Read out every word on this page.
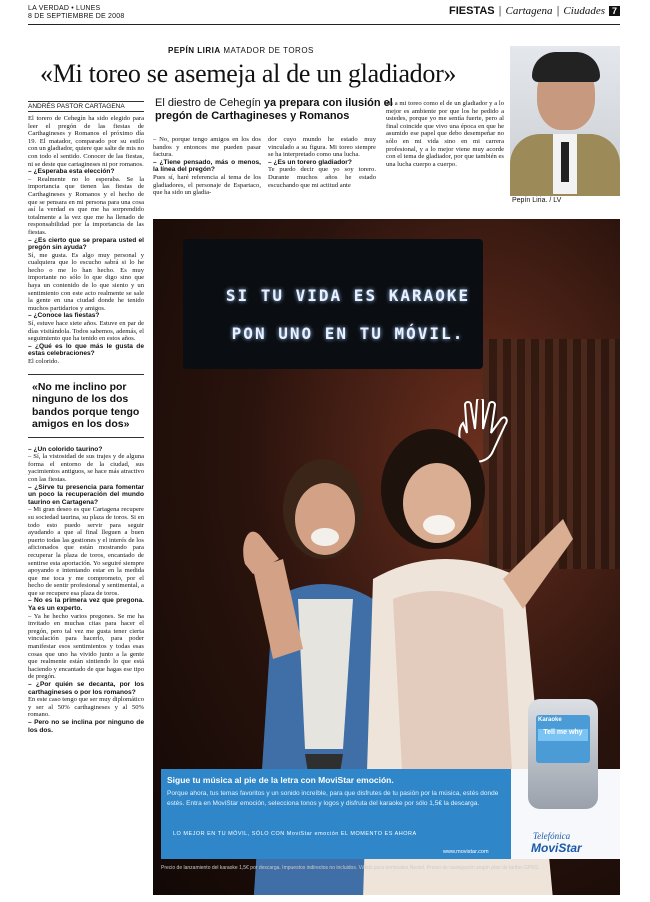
LA VERDAD • LUNES
8 DE SEPTIEMBRE DE 2008	FIESTAS | Cartagena | Ciudades 7
PEPÍN LIRIA MATADOR DE TOROS
«Mi toreo se asemeja al de un gladiador»
ANDRÉS PASTOR CARTAGENA	El diestro de Cehegín ya prepara con ilusión el pregón de Carthagineses y Romanos

El torero de Cehegín ha sido elegido para leer el pregón de las fiestas de Carthagineses y Romanos el próximo día 19. El matador, comparado por su estilo con un gladiador, quiere que salte de mis no con todo el sentido. Conocer de las fiestas, ni se deste que cartagineses ni por romanos.

– ¿Esperaba esta elección?

– Realmente no lo esperaba. Se la importancia que tienen las fiestas de Carthagineses y Romanos y el hecho de que se pensara en mi persona para una cosa así la verdad es que me ha sorprendido totalmente a la vez que me ha llenado de responsabilidad por la importancia de las fiestas.

– ¿Es cierto que se prepara usted el pregón sin ayuda?

Sí, me gusta. Es algo muy personal y cualquiera que lo escucho sabrá si lo he hecho o me lo han hecho. Es muy importante no sólo lo que digo sino que haya un contenido de lo que siento y un sentimiento con este acto realmente se sale la gente en una ciudad donde he tenido muchos partidarios y amigos.

– ¿Conoce las fiestas?

Sí, estuve hace siete años. Estuve en par de días visitándola. Todos sabemos, además, el seguimiento que ha tenido en estos años.

– ¿Qué es lo que más le gusta de estas celebraciones?

El colorido.

«No me inclino por ninguno de los dos bandos porque tengo amigos en los dos»

– ¿Un colorido taurino?

– Sí, la vistosidad de sus trajes y de alguna forma el entorno de la ciudad, sus yacimientos antiguos, se hace más atractivo con las fiestas.

– ¿Sirve tu presencia para fomentar un poco la recuperación del mundo taurino en Cartagena?

– Mi gran deseo es que Cartagena recupere su sociedad taurina, su plaza de toros. Si en todo esto puedo servir para seguir ayudando a que al final lleguen a buen puerto todas las gestiones y el interés de los aficionados que están mostrando para recuperar la plaza de toros, encantado de sentirse esta aportación. Yo seguiré siempre apoyando e intentando estar en la medida que me toca y me comprometo, por el hecho de sentir profesional y sentimental, a que se recupere esa plaza de toros.

– No es la primera vez que pregona. Ya es un experto.

– Ya he hecho varios pregones. Se me ha invitado en muchas citas para hacer el pregón, pero tal vez me gusta tener cierta vinculación para hacerlo, para poder manifestar esos sentimientos y todas esas cosas que uno ha vivido junto a la gente que realmente están sintiendo lo que está haciendo y encantado de que hagas ese tipo de pregón.

– ¿Por quién se decanta, por los carthagineses o por los romanos?

En este caso tengo que ser muy diplomático y ser al 50% carthagineses y al 50% romano.

– Pero no se inclina por ninguno de los dos.

– No, porque tengo amigos en los dos bandos y entonces me pueden pasar factura.

– ¿Tiene pensado, más o menos, la línea del pregón?

Pues sí, haré referencia al tema de los gladiadores, el personaje de Espartaco, que ha sido un gladia-

dor cuyo mundo he estado muy vinculado a su figura. Mi toreo siempre se ha interpretado como una lucha.

– ¿Es un torero gladiador?

Te puedo decir que yo soy torero. Durante muchos años he estado escuchando que mi actitud ante

sis a mi toreo como el de un gladiador y a lo mejor es ambiente por que los he pedido a ustedes, porque yo me sentía fuerte, pero al final coincide que vivo una época en que he asumido ese papel que debo desempeñar no sólo en mi vida sino en mi carrera profesional, y a lo mejor viene muy acorde con el tema de gladiador, por que también es una lucha cuerpo a cuerpo.

Pepín Liria. / LV
SI TU VIDA ES KARAOKE
PON UNO EN TU MÓVIL.
Sigue tu música al pie de la letra con MoviStar emoción.
Porque ahora, tus temas favoritos y un sonido increíble, para que disfrutes de tu pasión por la música, estés donde estés. Entra en MoviStar emoción, selecciona tonos y logos y disfruta del karaoke por sólo 1,5€ la descarga.
LO MEJOR EN TU MÓVIL, SÓLO CON MoviStar emoción EL MOMENTO ES AHORA
www.movistar.com
Karaoke
Tell me why
Telefónica
MoviStar
Precio de lanzamiento del karaoke 1,5€ por descarga. Impuestos indirectos no incluidos. Válido para terminales Nextel. Precio de navegación según plan de tarifas GPRS.
